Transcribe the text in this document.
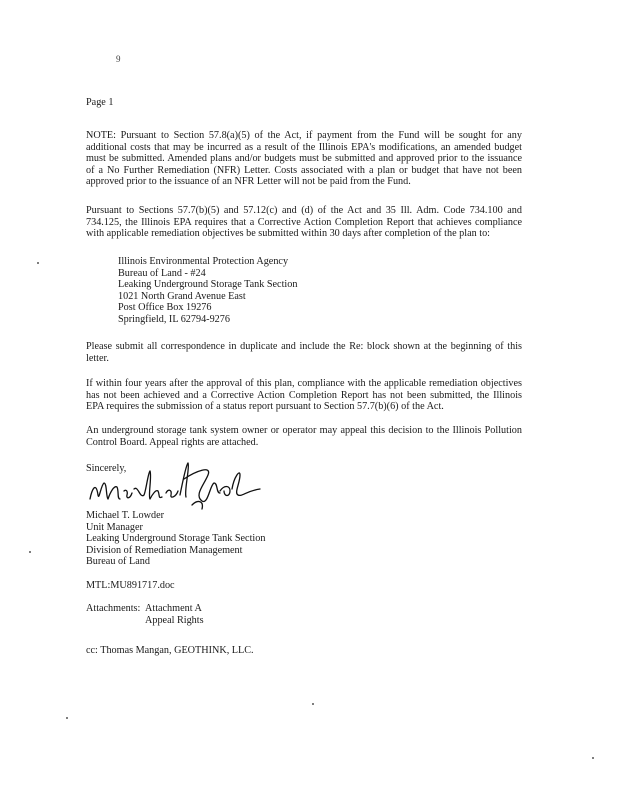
9
Page 1
NOTE: Pursuant to Section 57.8(a)(5) of the Act, if payment from the Fund will be sought for any additional costs that may be incurred as a result of the Illinois EPA's modifications, an amended budget must be submitted. Amended plans and/or budgets must be submitted and approved prior to the issuance of a No Further Remediation (NFR) Letter. Costs associated with a plan or budget that have not been approved prior to the issuance of an NFR Letter will not be paid from the Fund.
Pursuant to Sections 57.7(b)(5) and 57.12(c) and (d) of the Act and 35 Ill. Adm. Code 734.100 and 734.125, the Illinois EPA requires that a Corrective Action Completion Report that achieves compliance with applicable remediation objectives be submitted within 30 days after completion of the plan to:
Illinois Environmental Protection Agency
Bureau of Land - #24
Leaking Underground Storage Tank Section
1021 North Grand Avenue East
Post Office Box 19276
Springfield, IL 62794-9276
Please submit all correspondence in duplicate and include the Re: block shown at the beginning of this letter.
If within four years after the approval of this plan, compliance with the applicable remediation objectives has not been achieved and a Corrective Action Completion Report has not been submitted, the Illinois EPA requires the submission of a status report pursuant to Section 57.7(b)(6) of the Act.
An underground storage tank system owner or operator may appeal this decision to the Illinois Pollution Control Board. Appeal rights are attached.
Sincerely,
Michael Lowder
Michael T. Lowder
Unit Manager
Leaking Underground Storage Tank Section
Division of Remediation Management
Bureau of Land
MTL:MU891717.doc
Attachments: Attachment A
Appeal Rights
cc: Thomas Mangan, GEOTHINK, LLC.
